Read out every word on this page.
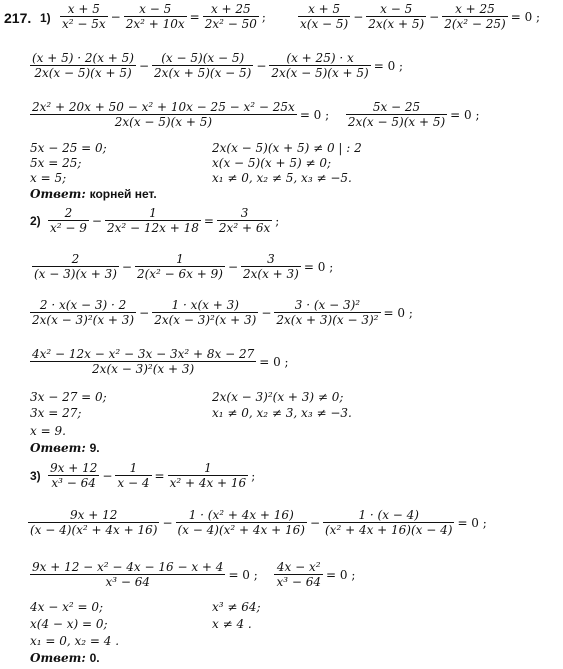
217. $1) \frac{x + 5}{\text{x² − 5x}} - \frac{x - 5}{\text{2x² + 10x}} = \frac{x + 25}{\text{2x² − 50}}$ ;	$\frac{x + 5}{x(x - 5)} - \frac{x - 5}{2x(x + 5)} - \frac{x + 25}{\text{2(x² − 25)}} = 0$ ;
$\frac{(x + 5) \cdot 2(x + 5)}{2x(x - 5)(x + 5)} - \frac{(x - 5)(x - 5)}{2x(x + 5)(x - 5)} - \frac{(x + 25) \cdot x}{2x(x - 5)(x + 5)} = 0$ ;
$\frac{\text{2x² + 20x + 50 − x² + 10x − 25 − x² − 25x}}{2x(x - 5)(x + 5)} = 0$ ; $\frac{5x - 25}{2x(x - 5)(x + 5)} = 0$ ;
5x − 25 = 0;
5x = 25;
x = 5;
2x(x − 5)(x + 5) ≠ 0 | : 2
x(x − 5)(x + 5) ≠ 0;
x₁ ≠ 0, x₂ ≠ 5, x₃ ≠ −5.
Ответ: корней нет.
$2) \frac{2}{\text{x² − 9}} - \frac{1}{\text{2x² − 12x + 18}} = \frac{3}{\text{2x² + 6x}}$ ;
$\frac{2}{(x - 3)(x + 3)} - \frac{1}{\text{2(x² − 6x + 9)}} - \frac{3}{2x(x + 3)} = 0$ ;
$\frac{2 \cdot x(x - 3) \cdot 2}{\text{2x(x − 3)²(x + 3)}} - \frac{1 \cdot x(x + 3)}{\text{2x(x − 3)²(x + 3)}} - \frac{\text{3 · (x − 3)²}}{\text{2x(x + 3)(x − 3)²}} = 0$ ;
$\frac{\text{4x² − 12x − x² − 3x − 3x² + 8x − 27}}{\text{2x(x − 3)²(x + 3)}} = 0$ ;
3x − 27 = 0;
3x = 27;
x = 9.
2x(x − 3)²(x + 3) ≠ 0;
x₁ ≠ 0, x₂ ≠ 3, x₃ ≠ −3.
Ответ: 9.
$3) \frac{9x + 12}{\text{x³ − 64}} - \frac{1}{x - 4} = \frac{1}{\text{x² + 4x + 16}}$ ;
$\frac{9x + 12}{\text{(x − 4)(x² + 4x + 16)}} - \frac{\text{1 · (x² + 4x + 16)}}{\text{(x − 4)(x² + 4x + 16)}} - \frac{1 \cdot (x - 4)}{\text{(x² + 4x + 16)(x − 4)}} = 0$ ;
$\frac{\text{9x + 12 − x² − 4x − 16 − x + 4}}{\text{x³ − 64}} = 0$ ; $\frac{\text{4x − x²}}{\text{x³ − 64}} = 0$ ;
4x − x² = 0;
x(4 − x) = 0;
x₁ = 0, x₂ = 4 .
x³ ≠ 64;
x ≠ 4 .
Ответ: 0.
